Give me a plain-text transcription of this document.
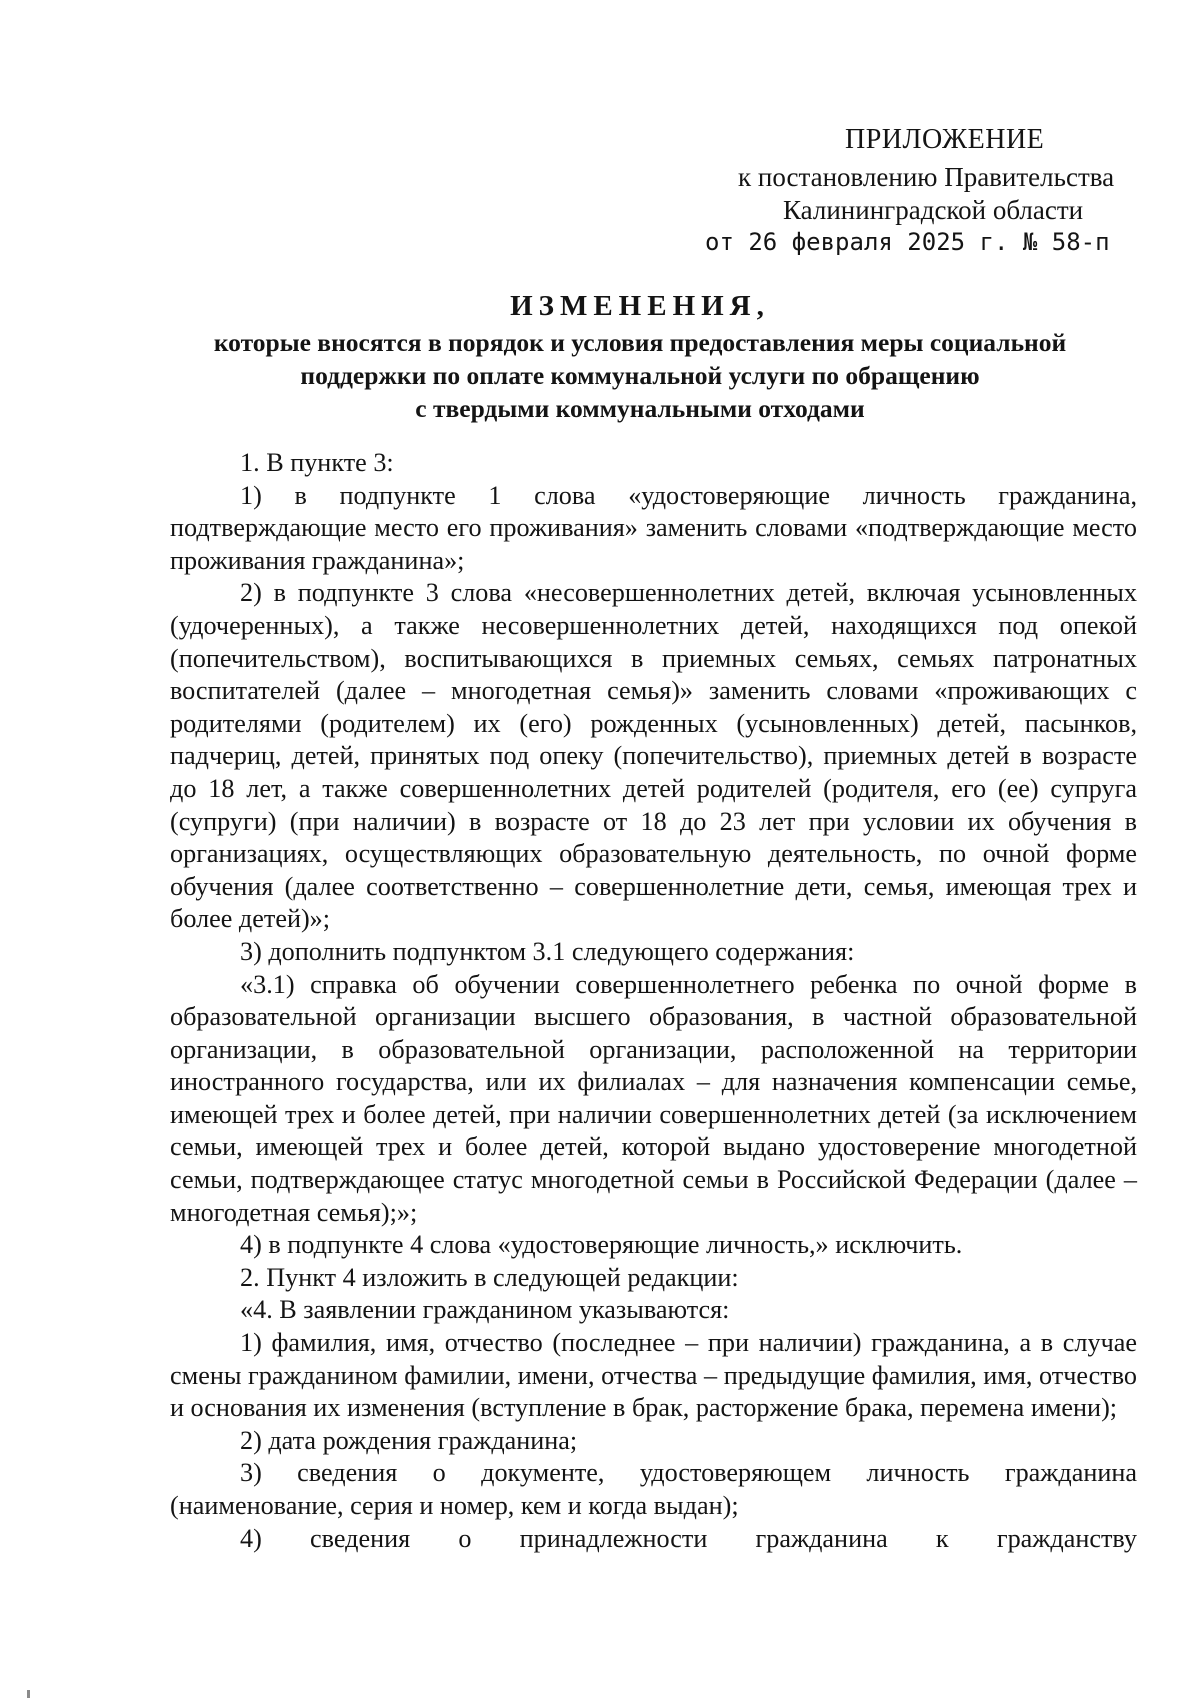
ПРИЛОЖЕНИЕ
к постановлению Правительства
Калининградской области
от 26 февраля 2025 г. № 58-п
ИЗМЕНЕНИЯ,
которые вносятся в порядок и условия предоставления меры социальной
поддержки по оплате коммунальной услуги по обращению
с твердыми коммунальными отходами

1. В пункте 3:

1) в подпункте 1 слова «удостоверяющие личность гражданина, подтверждающие место его проживания» заменить словами «подтверждающие место проживания гражданина»;

2) в подпункте 3 слова «несовершеннолетних детей, включая усыновленных (удочеренных), а также несовершеннолетних детей, находящихся под опекой (попечительством), воспитывающихся в приемных семьях, семьях патронатных воспитателей (далее – многодетная семья)» заменить словами «проживающих с родителями (родителем) их (его) рожденных (усыновленных) детей, пасынков, падчериц, детей, принятых под опеку (попечительство), приемных детей в возрасте до 18 лет, а также совершеннолетних детей родителей (родителя, его (ее) супруга (супруги) (при наличии) в возрасте от 18 до 23 лет при условии их обучения в организациях, осуществляющих образовательную деятельность, по очной форме обучения (далее соответственно – совершеннолетние дети, семья, имеющая трех и более детей)»;

3) дополнить подпунктом 3.1 следующего содержания:

«3.1) справка об обучении совершеннолетнего ребенка по очной форме в образовательной организации высшего образования, в частной образовательной организации, в образовательной организации, расположенной на территории иностранного государства, или их филиалах – для назначения компенсации семье, имеющей трех и более детей, при наличии совершеннолетних детей (за исключением семьи, имеющей трех и более детей, которой выдано удостоверение многодетной семьи, подтверждающее статус многодетной семьи в Российской Федерации (далее – многодетная семья);»;

4) в подпункте 4 слова «удостоверяющие личность,» исключить.

2. Пункт 4 изложить в следующей редакции:

«4. В заявлении гражданином указываются:

1) фамилия, имя, отчество (последнее – при наличии) гражданина, а в случае смены гражданином фамилии, имени, отчества – предыдущие фамилия, имя, отчество и основания их изменения (вступление в брак, расторжение брака, перемена имени);

2) дата рождения гражданина;

3) сведения о документе, удостоверяющем личность гражданина (наименование, серия и номер, кем и когда выдан);

4) сведения о принадлежности гражданина к гражданству
